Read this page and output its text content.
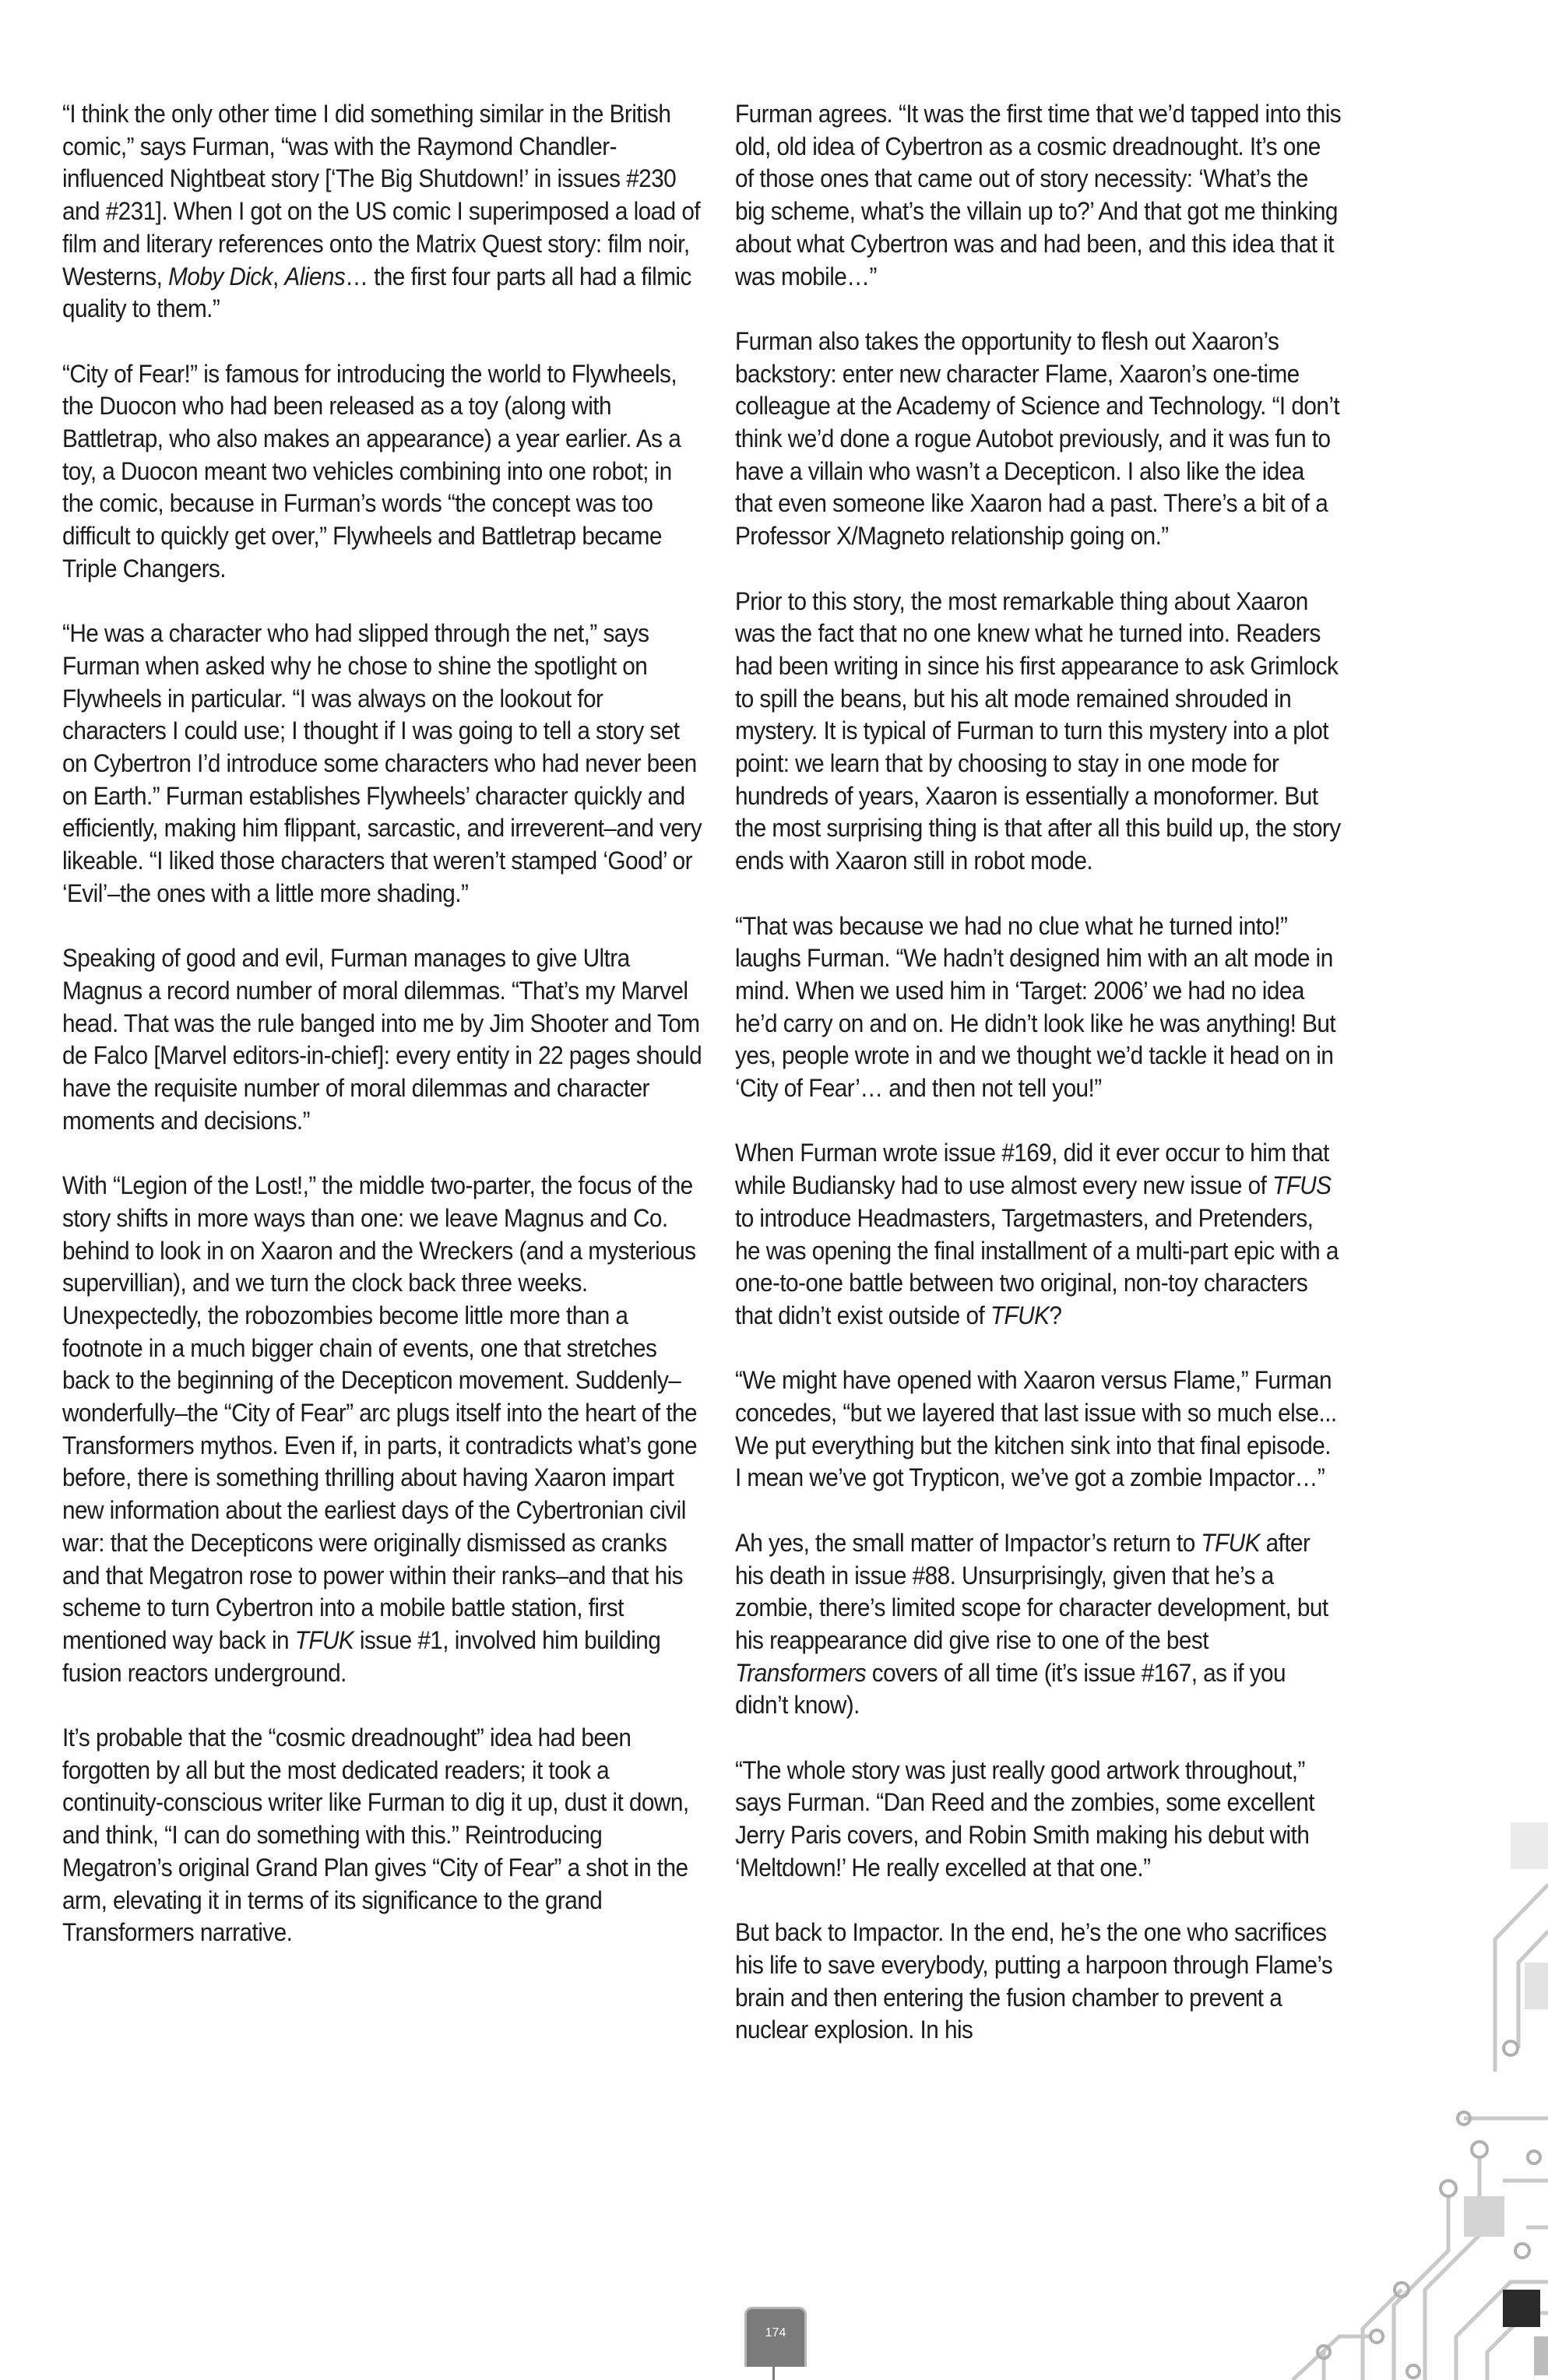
“I think the only other time I did something similar in the British comic,” says Furman, “was with the Raymond Chandler-influenced Nightbeat story [‘The Big Shutdown!’ in issues #230 and #231]. When I got on the US comic I superimposed a load of film and literary references onto the Matrix Quest story: film noir, Westerns, Moby Dick, Aliens… the first four parts all had a filmic quality to them.”

“City of Fear!” is famous for introducing the world to Flywheels, the Duocon who had been released as a toy (along with Battletrap, who also makes an appearance) a year earlier. As a toy, a Duocon meant two vehicles combining into one robot; in the comic, because in Furman’s words “the concept was too difficult to quickly get over,” Flywheels and Battletrap became Triple Changers.

“He was a character who had slipped through the net,” says Furman when asked why he chose to shine the spotlight on Flywheels in particular. “I was always on the lookout for characters I could use; I thought if I was going to tell a story set on Cybertron I’d introduce some characters who had never been on Earth.” Furman establishes Flywheels’ character quickly and efficiently, making him flippant, sarcastic, and irreverent–and very likeable. “I liked those characters that weren’t stamped ‘Good’ or ‘Evil’–the ones with a little more shading.”

Speaking of good and evil, Furman manages to give Ultra Magnus a record number of moral dilemmas. “That’s my Marvel head. That was the rule banged into me by Jim Shooter and Tom de Falco [Marvel editors-in-chief]: every entity in 22 pages should have the requisite number of moral dilemmas and character moments and decisions.”

With “Legion of the Lost!,” the middle two-parter, the focus of the story shifts in more ways than one: we leave Magnus and Co. behind to look in on Xaaron and the Wreckers (and a mysterious supervillian), and we turn the clock back three weeks. Unexpectedly, the robozombies become little more than a footnote in a much bigger chain of events, one that stretches back to the beginning of the Decepticon movement. Suddenly–wonderfully–the “City of Fear” arc plugs itself into the heart of the Transformers mythos. Even if, in parts, it contradicts what’s gone before, there is something thrilling about having Xaaron impart new information about the earliest days of the Cybertronian civil war: that the Decepticons were originally dismissed as cranks and that Megatron rose to power within their ranks–and that his scheme to turn Cybertron into a mobile battle station, first mentioned way back in TFUK issue #1, involved him building fusion reactors underground.

It’s probable that the “cosmic dreadnought” idea had been forgotten by all but the most dedicated readers; it took a continuity-conscious writer like Furman to dig it up, dust it down, and think, “I can do something with this.” Reintroducing Megatron’s original Grand Plan gives “City of Fear” a shot in the arm, elevating it in terms of its significance to the grand Transformers narrative.

Furman agrees. “It was the first time that we’d tapped into this old, old idea of Cybertron as a cosmic dreadnought. It’s one of those ones that came out of story necessity: ‘What’s the big scheme, what’s the villain up to?’ And that got me thinking about what Cybertron was and had been, and this idea that it was mobile…”

Furman also takes the opportunity to flesh out Xaaron’s backstory: enter new character Flame, Xaaron’s one-time colleague at the Academy of Science and Technology. “I don’t think we’d done a rogue Autobot previously, and it was fun to have a villain who wasn’t a Decepticon. I also like the idea that even someone like Xaaron had a past. There’s a bit of a Professor X/Magneto relationship going on.”

Prior to this story, the most remarkable thing about Xaaron was the fact that no one knew what he turned into. Readers had been writing in since his first appearance to ask Grimlock to spill the beans, but his alt mode remained shrouded in mystery. It is typical of Furman to turn this mystery into a plot point: we learn that by choosing to stay in one mode for hundreds of years, Xaaron is essentially a monoformer. But the most surprising thing is that after all this build up, the story ends with Xaaron still in robot mode.

“That was because we had no clue what he turned into!” laughs Furman. “We hadn’t designed him with an alt mode in mind. When we used him in ‘Target: 2006’ we had no idea he’d carry on and on. He didn’t look like he was anything! But yes, people wrote in and we thought we’d tackle it head on in ‘City of Fear’… and then not tell you!”

When Furman wrote issue #169, did it ever occur to him that while Budiansky had to use almost every new issue of TFUS to introduce Headmasters, Targetmasters, and Pretenders, he was opening the final installment of a multi-part epic with a one-to-one battle between two original, non-toy characters that didn’t exist outside of TFUK?

“We might have opened with Xaaron versus Flame,” Furman concedes, “but we layered that last issue with so much else... We put everything but the kitchen sink into that final episode. I mean we’ve got Trypticon, we’ve got a zombie Impactor…”

Ah yes, the small matter of Impactor’s return to TFUK after his death in issue #88. Unsurprisingly, given that he’s a zombie, there’s limited scope for character development, but his reappearance did give rise to one of the best Transformers covers of all time (it’s issue #167, as if you didn’t know).

“The whole story was just really good artwork throughout,” says Furman. “Dan Reed and the zombies, some excellent Jerry Paris covers, and Robin Smith making his debut with ‘Meltdown!’ He really excelled at that one.”

But back to Impactor. In the end, he’s the one who sacrifices his life to save everybody, putting a harpoon through Flame’s brain and then entering the fusion chamber to prevent a nuclear explosion. In his

174
